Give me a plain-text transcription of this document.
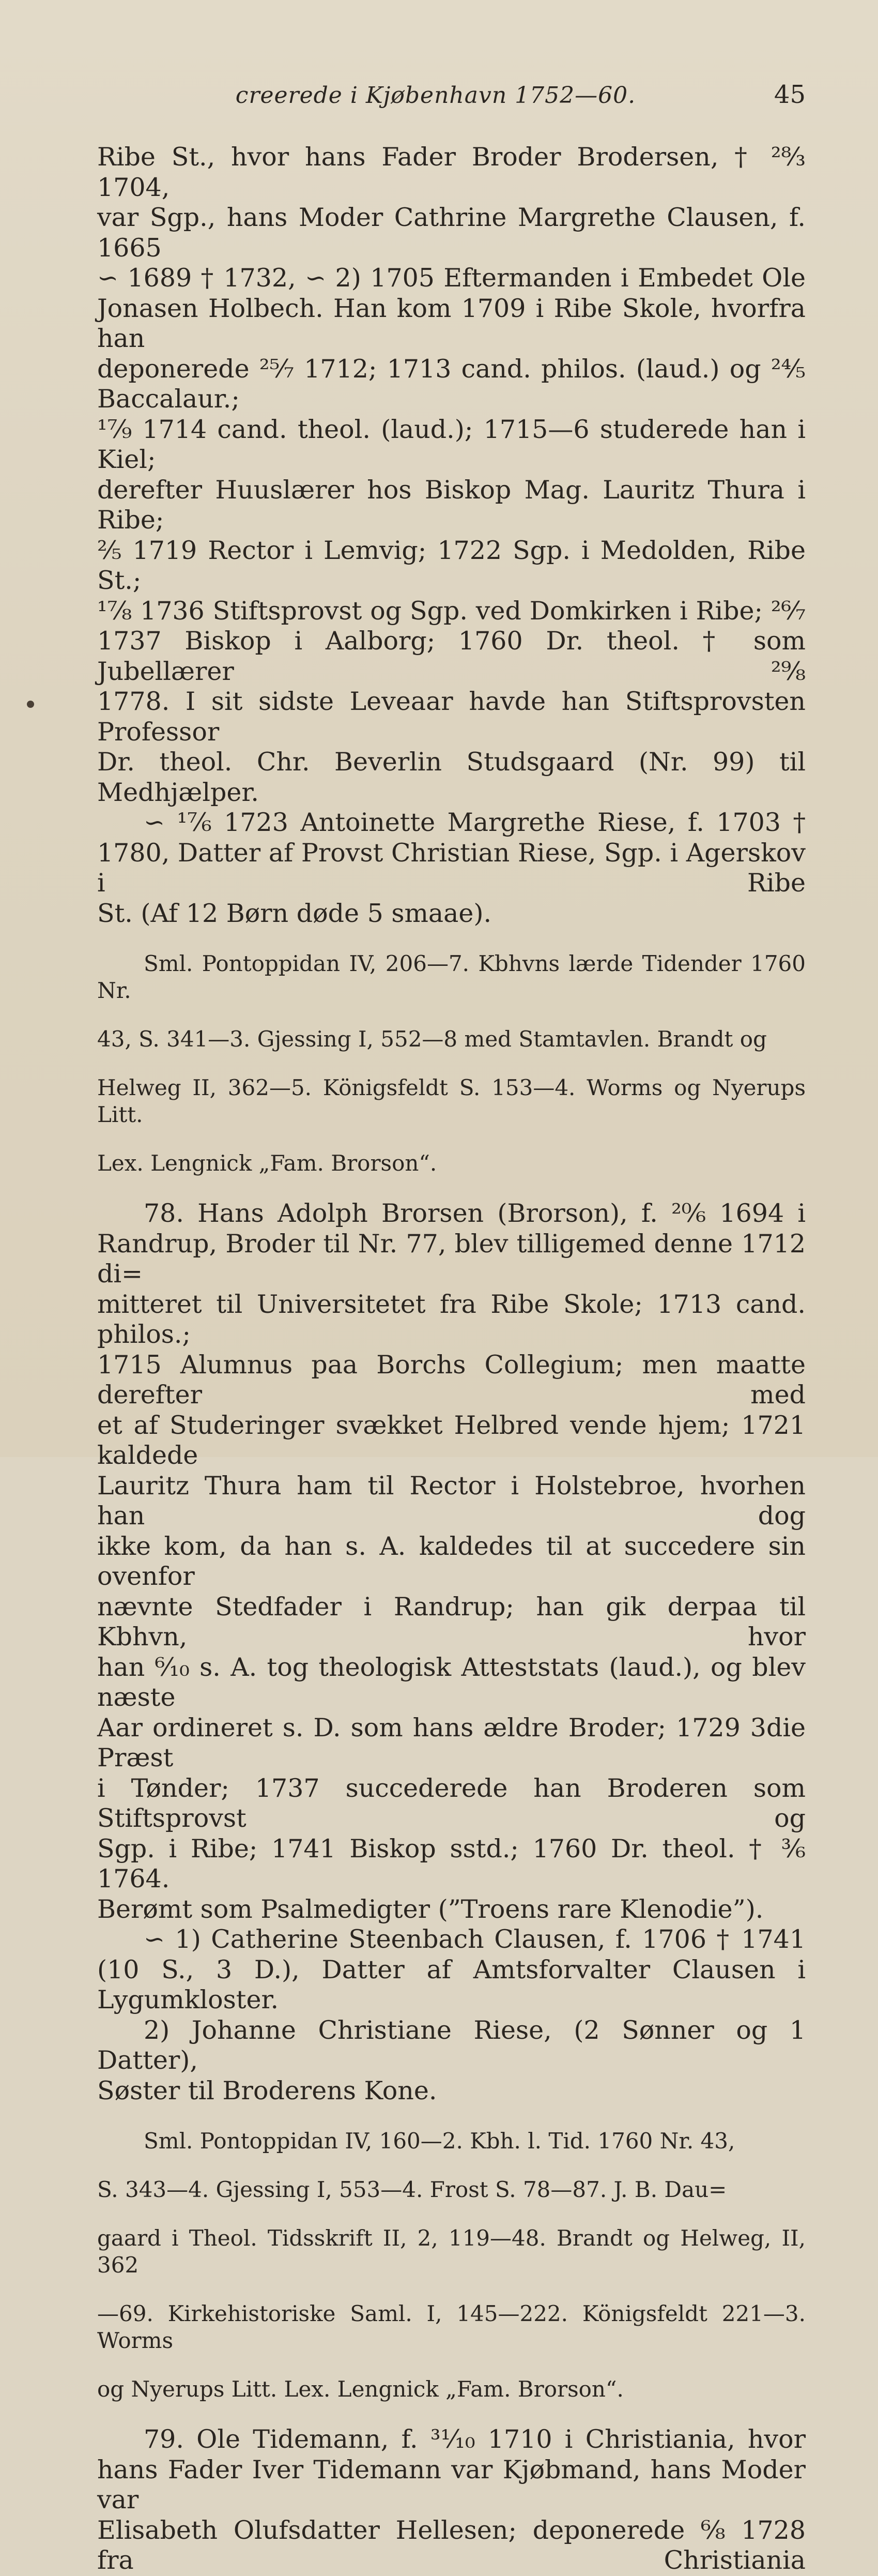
creerede i Kjøbenhavn 1752—60.	45

Ribe St., hvor hans Fader Broder Brodersen, † ²⁸⁄₃ 1704,

var Sgp., hans Moder Cathrine Margrethe Clausen, f. 1665

∽ 1689 † 1732, ∽ 2) 1705 Eftermanden i Embedet Ole

Jonasen Holbech. Han kom 1709 i Ribe Skole, hvorfra han

deponerede ²⁵⁄₇ 1712; 1713 cand. philos. (laud.) og ²⁴⁄₅ Baccalaur.;

¹⁷⁄₉ 1714 cand. theol. (laud.); 1715—6 studerede han i Kiel;

derefter Huuslærer hos Biskop Mag. Lauritz Thura i Ribe;

²⁄₅ 1719 Rector i Lemvig; 1722 Sgp. i Medolden, Ribe St.;

¹⁷⁄₈ 1736 Stiftsprovst og Sgp. ved Domkirken i Ribe; ²⁶⁄₇

1737 Biskop i Aalborg; 1760 Dr. theol. † som Jubellærer ²⁹⁄₈

1778. I sit sidste Leveaar havde han Stiftsprovsten Professor

Dr. theol. Chr. Beverlin Studsgaard (Nr. 99) til Medhjælper.

∽ ¹⁷⁄₆ 1723 Antoinette Margrethe Riese, f. 1703 †

1780, Datter af Provst Christian Riese, Sgp. i Agerskov i Ribe

St. (Af 12 Børn døde 5 smaae).

Sml. Pontoppidan IV, 206—7. Kbhvns lærde Tidender 1760 Nr.

43, S. 341—3. Gjessing I, 552—8 med Stamtavlen. Brandt og

Helweg II, 362—5. Königsfeldt S. 153—4. Worms og Nyerups Litt.

Lex. Lengnick „Fam. Brorson“.

78. Hans Adolph Brorsen (Brorson), f. ²⁰⁄₆ 1694 i

Randrup, Broder til Nr. 77, blev tilligemed denne 1712 di=

mitteret til Universitetet fra Ribe Skole; 1713 cand. philos.;

1715 Alumnus paa Borchs Collegium; men maatte derefter med

et af Studeringer svækket Helbred vende hjem; 1721 kaldede

Lauritz Thura ham til Rector i Holstebroe, hvorhen han dog

ikke kom, da han s. A. kaldedes til at succedere sin ovenfor

nævnte Stedfader i Randrup; han gik derpaa til Kbhvn, hvor

han ⁶⁄₁₀ s. A. tog theologisk Atteststats (laud.), og blev næste

Aar ordineret s. D. som hans ældre Broder; 1729 3die Præst

i Tønder; 1737 succederede han Broderen som Stiftsprovst og

Sgp. i Ribe; 1741 Biskop sstd.; 1760 Dr. theol. † ³⁄₆ 1764.

Berømt som Psalmedigter (”Troens rare Klenodie”).

∽ 1) Catherine Steenbach Clausen, f. 1706 † 1741

(10 S., 3 D.), Datter af Amtsforvalter Clausen i Lygumkloster.

2) Johanne Christiane Riese, (2 Sønner og 1 Datter),

Søster til Broderens Kone.

Sml. Pontoppidan IV, 160—2. Kbh. l. Tid. 1760 Nr. 43,

S. 343—4. Gjessing I, 553—4. Frost S. 78—87. J. B. Dau=

gaard i Theol. Tidsskrift II, 2, 119—48. Brandt og Helweg, II, 362

—69. Kirkehistoriske Saml. I, 145—222. Königsfeldt 221—3. Worms

og Nyerups Litt. Lex. Lengnick „Fam. Brorson“.

79. Ole Tidemann, f. ³¹⁄₁₀ 1710 i Christiania, hvor

hans Fader Iver Tidemann var Kjøbmand, hans Moder var

Elisabeth Olufsdatter Hellesen; deponerede ⁶⁄₈ 1728 fra Christiania
